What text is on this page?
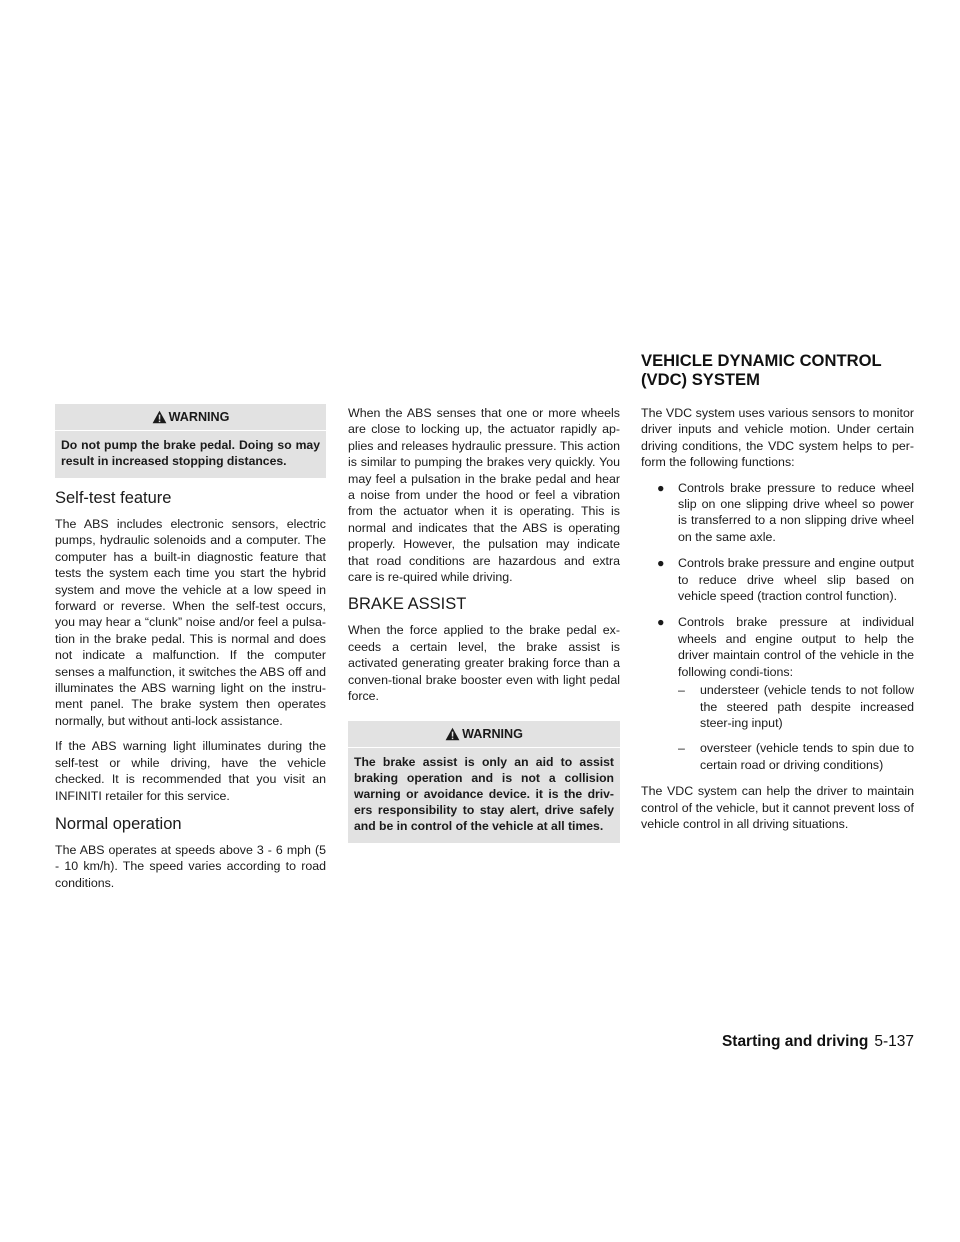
WARNING
Do not pump the brake pedal. Doing so may result in increased stopping distances.
Self-test feature

The ABS includes electronic sensors, electric pumps, hydraulic solenoids and a computer. The computer has a built-in diagnostic feature that tests the system each time you start the hybrid system and move the vehicle at a low speed in forward or reverse. When the self-test occurs, you may hear a “clunk” noise and/or feel a pulsa-tion in the brake pedal. This is normal and does not indicate a malfunction. If the computer senses a malfunction, it switches the ABS off and illuminates the ABS warning light on the instru-ment panel. The brake system then operates normally, but without anti-lock assistance.

If the ABS warning light illuminates during the self-test or while driving, have the vehicle checked. It is recommended that you visit an INFINITI retailer for this service.

Normal operation

The ABS operates at speeds above 3 - 6 mph (5 - 10 km/h). The speed varies according to road conditions.

When the ABS senses that one or more wheels are close to locking up, the actuator rapidly ap-plies and releases hydraulic pressure. This action is similar to pumping the brakes very quickly. You may feel a pulsation in the brake pedal and hear a noise from under the hood or feel a vibration from the actuator when it is operating. This is normal and indicates that the ABS is operating properly. However, the pulsation may indicate that road conditions are hazardous and extra care is re-quired while driving.

BRAKE ASSIST

When the force applied to the brake pedal ex-ceeds a certain level, the brake assist is activated generating greater braking force than a conven-tional brake booster even with light pedal force.

WARNING
The brake assist is only an aid to assist braking operation and is not a collision warning or avoidance device. it is the driv-ers responsibility to stay alert, drive safely and be in control of the vehicle at all times.
VEHICLE DYNAMIC CONTROL (VDC) SYSTEM

The VDC system uses various sensors to monitor driver inputs and vehicle motion. Under certain driving conditions, the VDC system helps to per-form the following functions:

● Controls brake pressure to reduce wheel slip on one slipping drive wheel so power is transferred to a non slipping drive wheel on the same axle.
● Controls brake pressure and engine output to reduce drive wheel slip based on vehicle speed (traction control function).
● Controls brake pressure at individual wheels and engine output to help the driver maintain control of the vehicle in the following condi-tions:
– understeer (vehicle tends to not follow the steered path despite increased steer-ing input)
– oversteer (vehicle tends to spin due to certain road or driving conditions)

The VDC system can help the driver to maintain control of the vehicle, but it cannot prevent loss of vehicle control in all driving situations.

Starting and driving 5-137
